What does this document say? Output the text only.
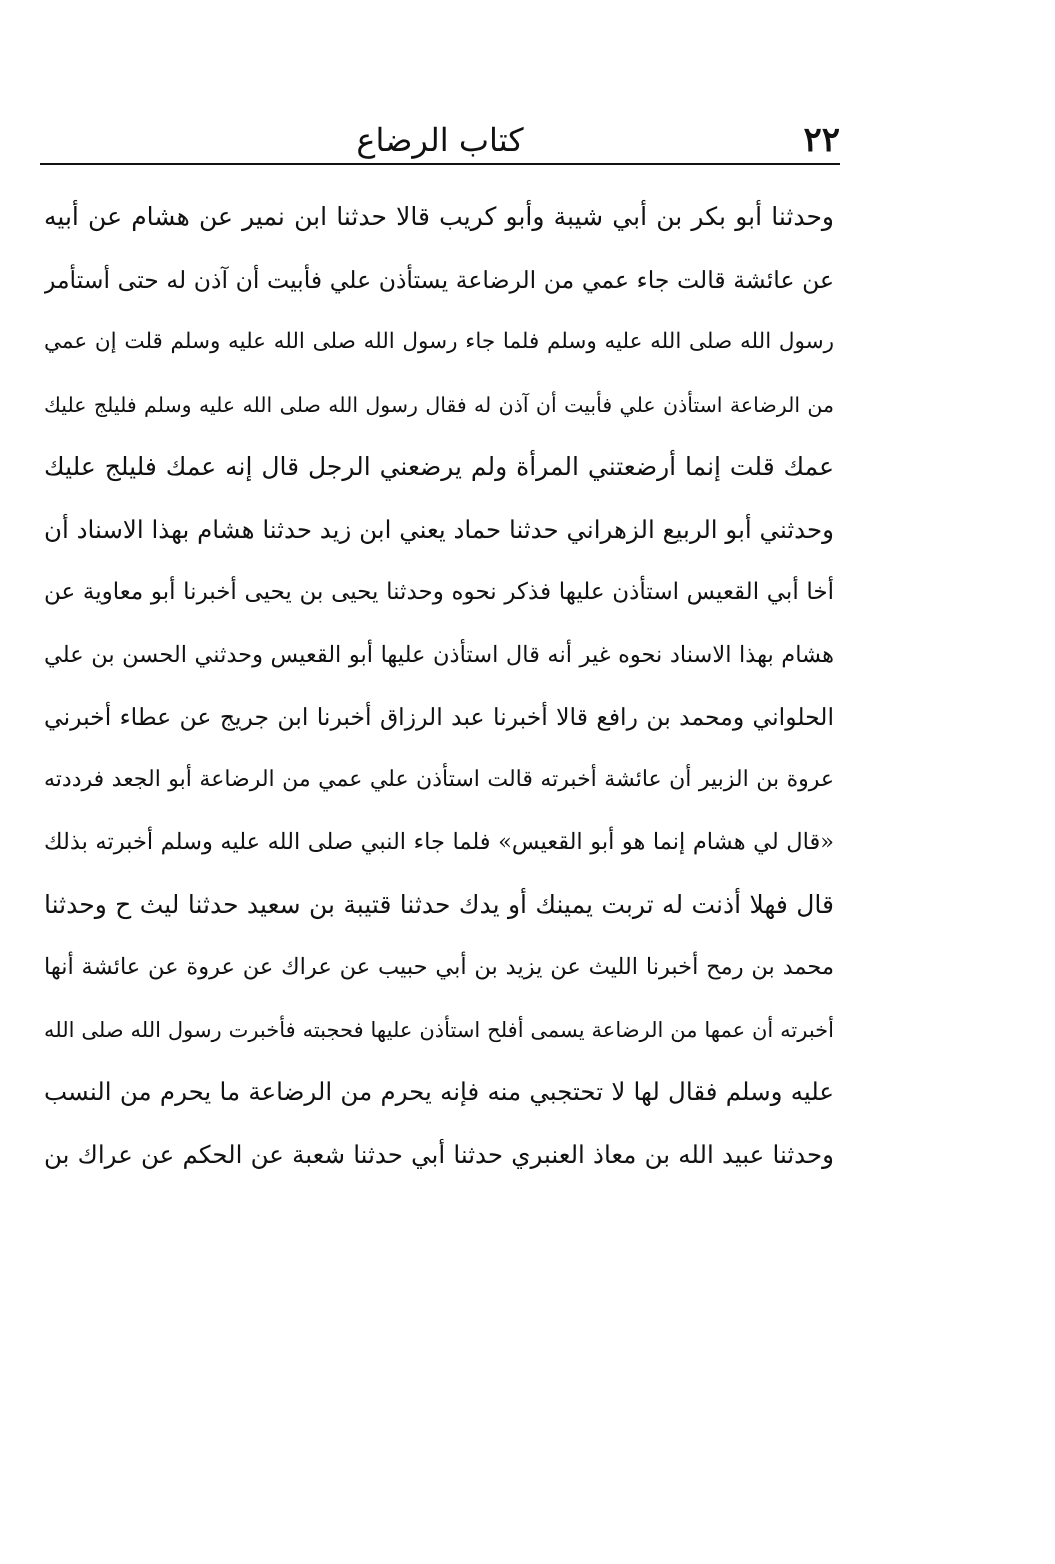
٢٢
كتاب الرضاع
وحدثنا أبو بكر بن أبي شيبة وأبو كريب قالا حدثنا ابن نمير عن هشام عن أبيه
عن عائشة قالت جاء عمي من الرضاعة يستأذن علي فأبيت أن آذن له حتى أستأمر
رسول الله صلى الله عليه وسلم فلما جاء رسول الله صلى الله عليه وسلم قلت إن عمي
من الرضاعة استأذن علي فأبيت أن آذن له فقال رسول الله صلى الله عليه وسلم فليلج عليك
عمك قلت إنما أرضعتني المرأة ولم يرضعني الرجل قال إنه عمك فليلج عليك
وحدثني أبو الربيع الزهراني حدثنا حماد يعني ابن زيد حدثنا هشام بهذا الاسناد أن
أخا أبي القعيس استأذن عليها فذكر نحوه وحدثنا يحيى بن يحيى أخبرنا أبو معاوية عن
هشام بهذا الاسناد نحوه غير أنه قال استأذن عليها أبو القعيس وحدثني الحسن بن علي
الحلواني ومحمد بن رافع قالا أخبرنا عبد الرزاق أخبرنا ابن جريج عن عطاء أخبرني
عروة بن الزبير أن عائشة أخبرته قالت استأذن علي عمي من الرضاعة أبو الجعد فرددته
«قال لي هشام إنما هو أبو القعيس» فلما جاء النبي صلى الله عليه وسلم أخبرته بذلك
قال فهلا أذنت له تربت يمينك أو يدك حدثنا قتيبة بن سعيد حدثنا ليث ح وحدثنا
محمد بن رمح أخبرنا الليث عن يزيد بن أبي حبيب عن عراك عن عروة عن عائشة أنها
أخبرته أن عمها من الرضاعة يسمى أفلح استأذن عليها فحجبته فأخبرت رسول الله صلى الله
عليه وسلم فقال لها لا تحتجبي منه فإنه يحرم من الرضاعة ما يحرم من النسب
وحدثنا عبيد الله بن معاذ العنبري حدثنا أبي حدثنا شعبة عن الحكم عن عراك بن
